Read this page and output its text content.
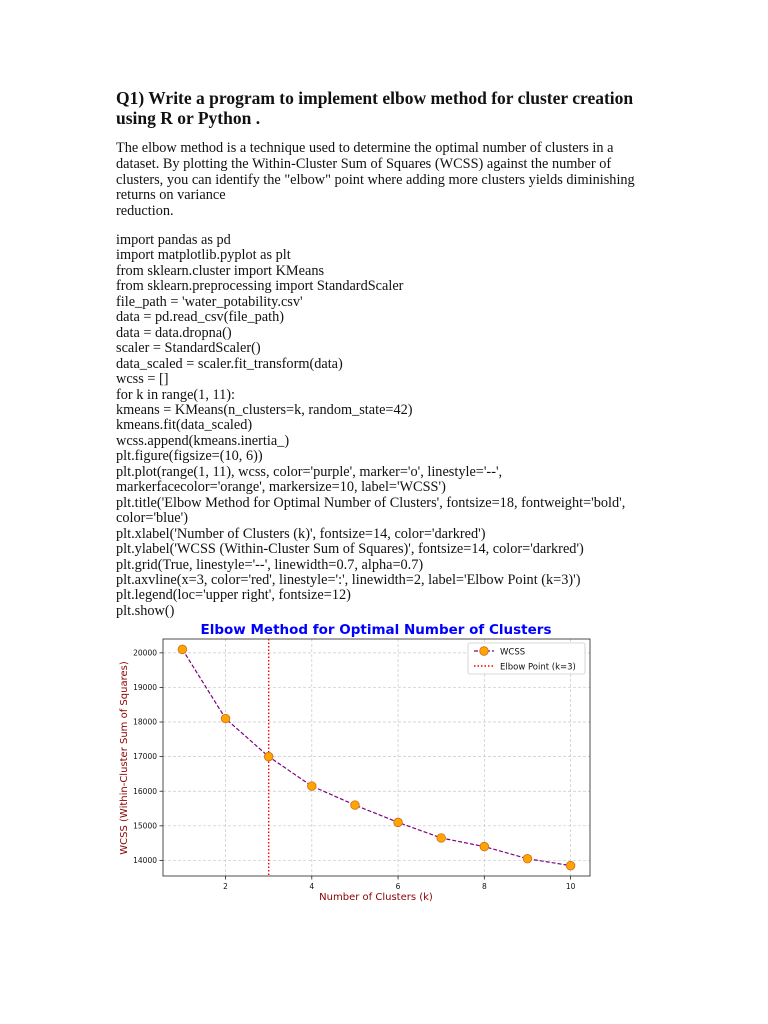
Q1) Write a program to implement elbow method for cluster creation using R or Python .

The elbow method is a technique used to determine the optimal number of clusters in a
dataset. By plotting the Within-Cluster Sum of Squares (WCSS) against the number of
clusters, you can identify the "elbow" point where adding more clusters yields diminishing
returns on variance
reduction.

import pandas as pd
import matplotlib.pyplot as plt
from sklearn.cluster import KMeans
from sklearn.preprocessing import StandardScaler
file_path = 'water_potability.csv'
data = pd.read_csv(file_path)
data = data.dropna()
scaler = StandardScaler()
data_scaled = scaler.fit_transform(data)
wcss = []
for k in range(1, 11):
kmeans = KMeans(n_clusters=k, random_state=42)
kmeans.fit(data_scaled)
wcss.append(kmeans.inertia_)
plt.figure(figsize=(10, 6))
plt.plot(range(1, 11), wcss, color='purple', marker='o', linestyle='--',
markerfacecolor='orange', markersize=10, label='WCSS')
plt.title('Elbow Method for Optimal Number of Clusters', fontsize=18, fontweight='bold',
color='blue')
plt.xlabel('Number of Clusters (k)', fontsize=14, color='darkred')
plt.ylabel('WCSS (Within-Cluster Sum of Squares)', fontsize=14, color='darkred')
plt.grid(True, linestyle='--', linewidth=0.7, alpha=0.7)
plt.axvline(x=3, color='red', linestyle=':', linewidth=2, label='Elbow Point (k=3)')
plt.legend(loc='upper right', fontsize=12)
plt.show()
Elbow Method for Optimal Number of Clusters
2	4	6	8	10
14000
15000
16000
17000
18000
19000
20000
Number of Clusters (k)
WCSS (Within-Cluster Sum of Squares)
WCSS
Elbow Point (k=3)
